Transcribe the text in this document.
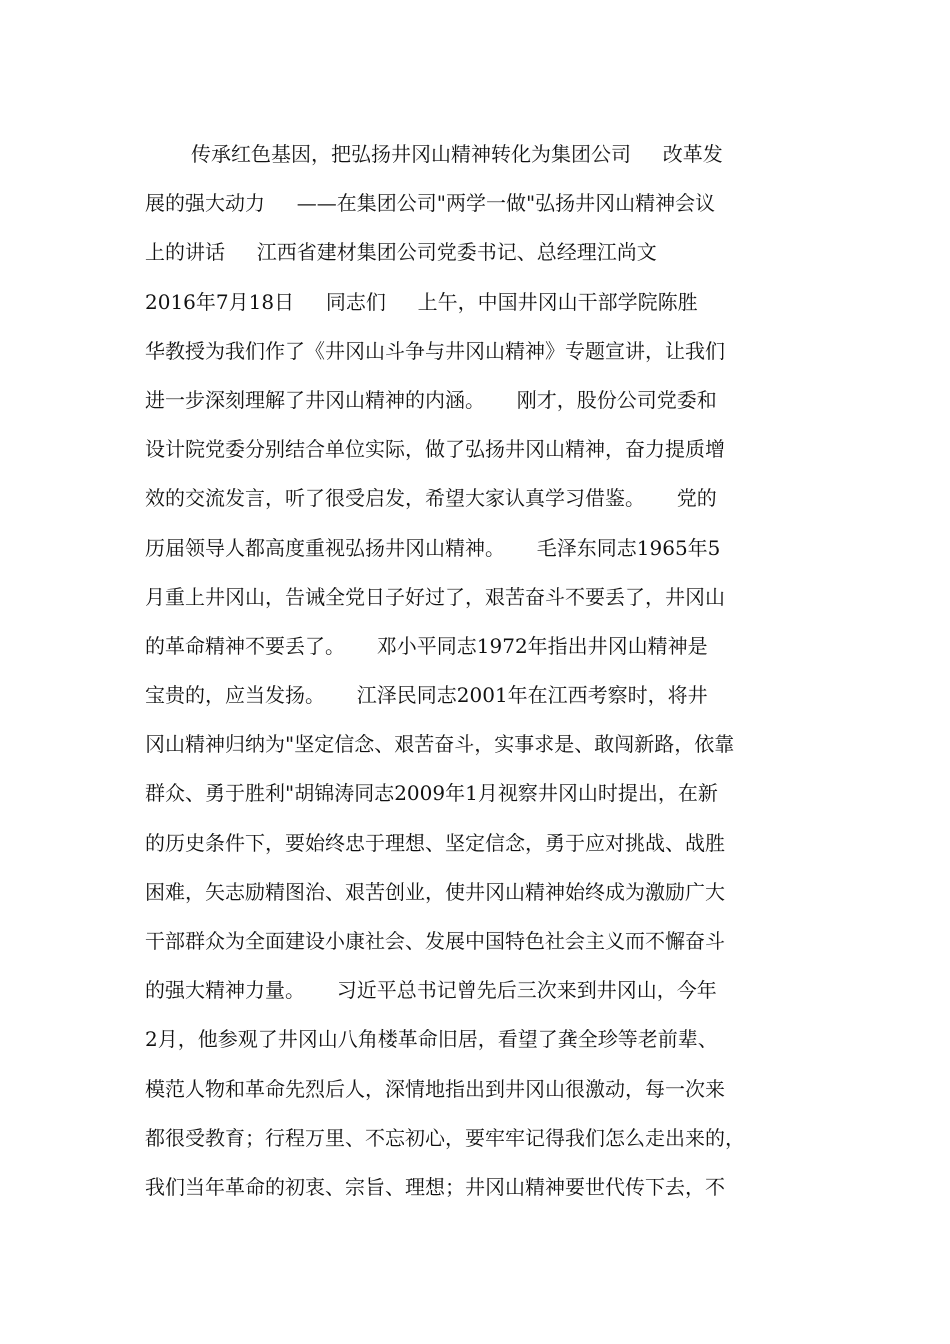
传承红色基因，把弘扬井冈山精神转化为集团公司     改革发
展的强大动力     ——在集团公司"两学一做"弘扬井冈山精神会议
上的讲话     江西省建材集团公司党委书记、总经理江尚文
2016年7月18日     同志们     上午，中国井冈山干部学院陈胜
华教授为我们作了《井冈山斗争与井冈山精神》专题宣讲，让我们
进一步深刻理解了井冈山精神的内涵。     刚才，股份公司党委和
设计院党委分别结合单位实际，做了弘扬井冈山精神，奋力提质增
效的交流发言，听了很受启发，希望大家认真学习借鉴。     党的
历届领导人都高度重视弘扬井冈山精神。     毛泽东同志1965年5
月重上井冈山，告诫全党日子好过了，艰苦奋斗不要丢了，井冈山
的革命精神不要丢了。     邓小平同志1972年指出井冈山精神是
宝贵的，应当发扬。     江泽民同志2001年在江西考察时，将井
冈山精神归纳为"坚定信念、艰苦奋斗，实事求是、敢闯新路，依靠
群众、勇于胜利"胡锦涛同志2009年1月视察井冈山时提出，在新
的历史条件下，要始终忠于理想、坚定信念，勇于应对挑战、战胜
困难，矢志励精图治、艰苦创业，使井冈山精神始终成为激励广大
干部群众为全面建设小康社会、发展中国特色社会主义而不懈奋斗
的强大精神力量。     习近平总书记曾先后三次来到井冈山，今年
2月，他参观了井冈山八角楼革命旧居，看望了龚全珍等老前辈、
模范人物和革命先烈后人，深情地指出到井冈山很激动，每一次来
都很受教育；行程万里、不忘初心，要牢牢记得我们怎么走出来的，
我们当年革命的初衷、宗旨、理想；井冈山精神要世代传下去，不
